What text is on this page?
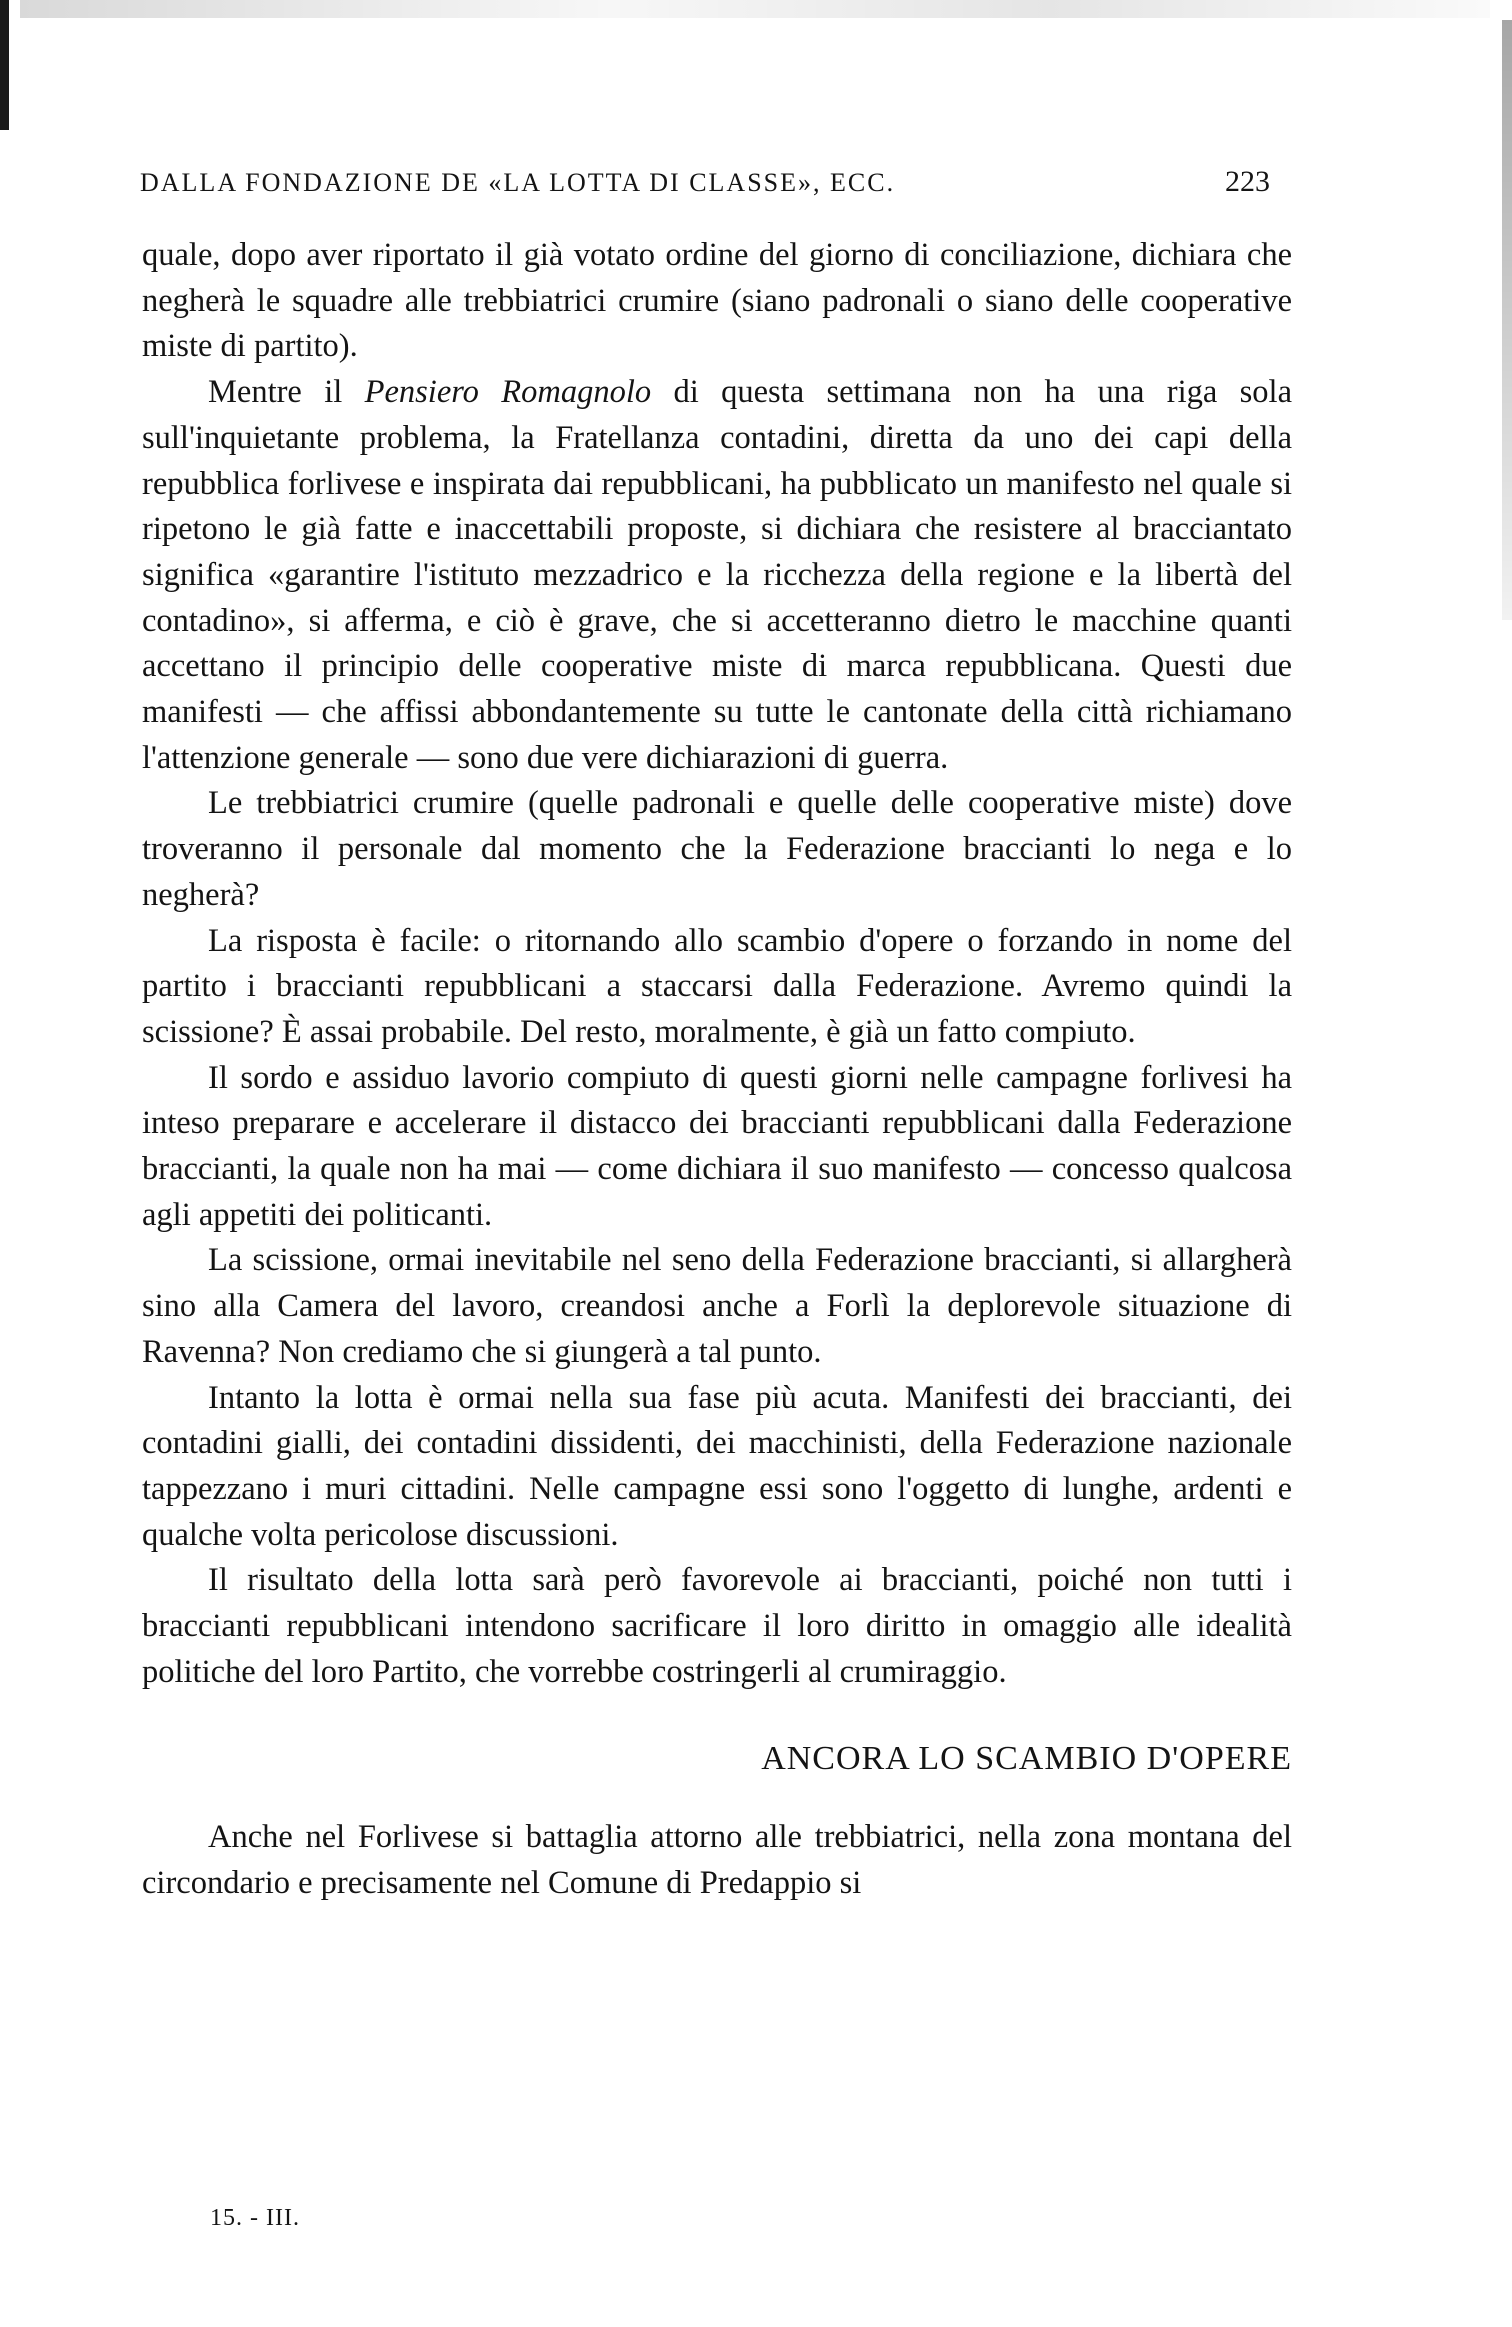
DALLA FONDAZIONE DE «LA LOTTA DI CLASSE», ECC.	223

quale, dopo aver riportato il già votato ordine del giorno di conciliazione, dichiara che negherà le squadre alle trebbiatrici crumire (siano padronali o siano delle cooperative miste di partito).

Mentre il Pensiero Romagnolo di questa settimana non ha una riga sola sull'inquietante problema, la Fratellanza contadini, diretta da uno dei capi della repubblica forlivese e inspirata dai repubblicani, ha pubblicato un manifesto nel quale si ripetono le già fatte e inaccettabili proposte, si dichiara che resistere al bracciantato significa «garantire l'istituto mezzadrico e la ricchezza della regione e la libertà del contadino», si afferma, e ciò è grave, che si accetteranno dietro le macchine quanti accettano il principio delle cooperative miste di marca repubblicana. Questi due manifesti — che affissi abbondantemente su tutte le cantonate della città richiamano l'attenzione generale — sono due vere dichiarazioni di guerra.

Le trebbiatrici crumire (quelle padronali e quelle delle cooperative miste) dove troveranno il personale dal momento che la Federazione braccianti lo nega e lo negherà?

La risposta è facile: o ritornando allo scambio d'opere o forzando in nome del partito i braccianti repubblicani a staccarsi dalla Federazione. Avremo quindi la scissione? È assai probabile. Del resto, moralmente, è già un fatto compiuto.

Il sordo e assiduo lavorio compiuto di questi giorni nelle campagne forlivesi ha inteso preparare e accelerare il distacco dei braccianti repubblicani dalla Federazione braccianti, la quale non ha mai — come dichiara il suo manifesto — concesso qualcosa agli appetiti dei politicanti.

La scissione, ormai inevitabile nel seno della Federazione braccianti, si allargherà sino alla Camera del lavoro, creandosi anche a Forlì la deplorevole situazione di Ravenna? Non crediamo che si giungerà a tal punto.

Intanto la lotta è ormai nella sua fase più acuta. Manifesti dei braccianti, dei contadini gialli, dei contadini dissidenti, dei macchinisti, della Federazione nazionale tappezzano i muri cittadini. Nelle campagne essi sono l'oggetto di lunghe, ardenti e qualche volta pericolose discussioni.

Il risultato della lotta sarà però favorevole ai braccianti, poiché non tutti i braccianti repubblicani intendono sacrificare il loro diritto in omaggio alle idealità politiche del loro Partito, che vorrebbe costringerli al crumiraggio.

ANCORA LO SCAMBIO D'OPERE

Anche nel Forlivese si battaglia attorno alle trebbiatrici, nella zona montana del circondario e precisamente nel Comune di Predappio si

15. - III.
